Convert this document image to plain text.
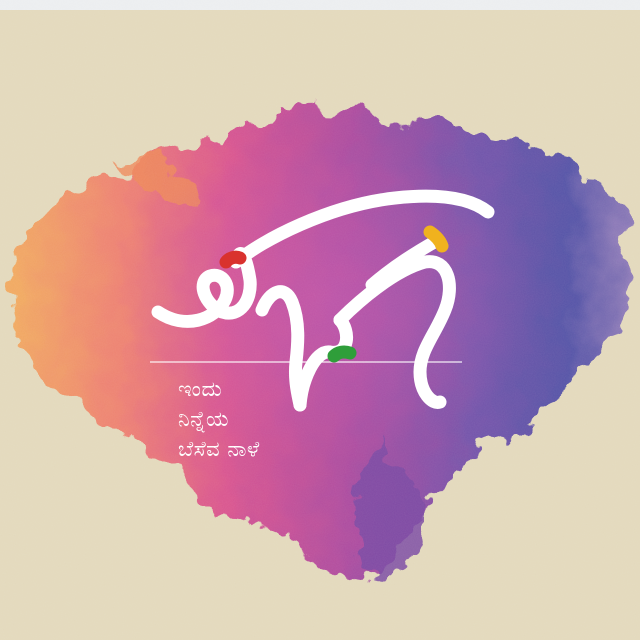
ಇಂದು
ನಿನ್ನೆಯ
ಬೆಸೆವ ನಾಳೆ
